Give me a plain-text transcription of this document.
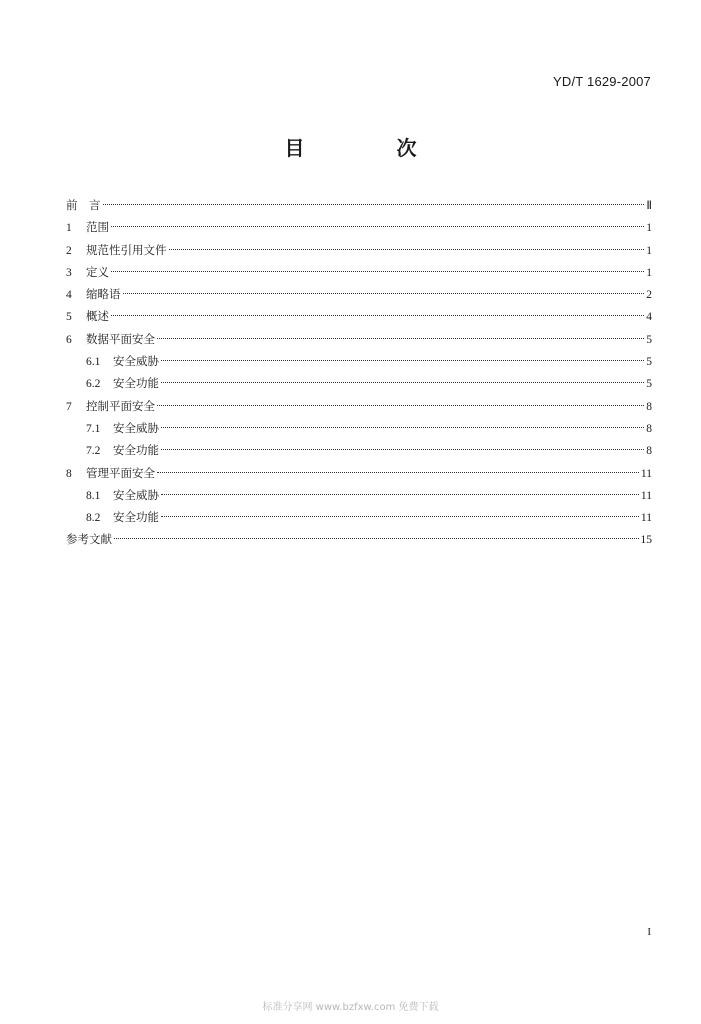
YD/T 1629-2007
目　次
前　言	Ⅱ
1	范围	1
2	规范性引用文件	1
3	定义	1
4	缩略语	2
5	概述	4
6	数据平面安全	5
6.1	安全威胁	5
6.2	安全功能	5
7	控制平面安全	8
7.1	安全威胁	8
7.2	安全功能	8
8	管理平面安全	11
8.1	安全威胁	11
8.2	安全功能	11
参考文献	15
I
标准分享网 www.bzfxw.com 免费下载
